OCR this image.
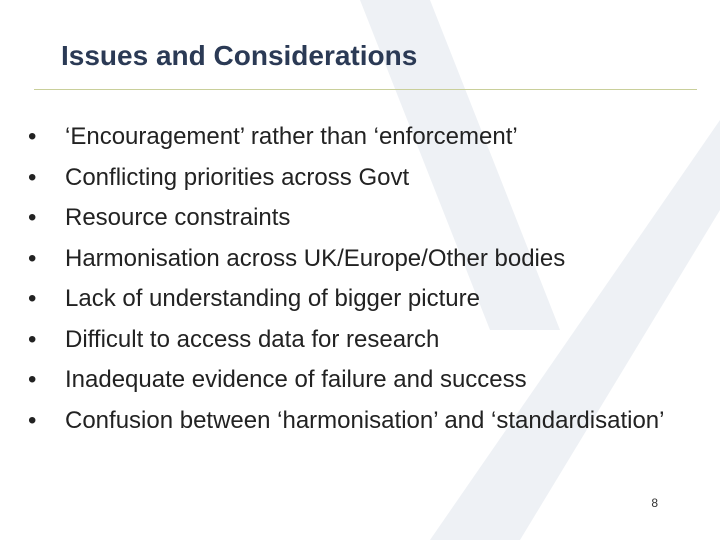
Issues and Considerations
• ‘Encouragement’ rather than ‘enforcement’
• Conflicting priorities across Govt
• Resource constraints
• Harmonisation across UK/Europe/Other bodies
• Lack of understanding of bigger picture
• Difficult to access data for research
• Inadequate evidence of failure and success
• Confusion between ‘harmonisation’ and ‘standardisation’
8
